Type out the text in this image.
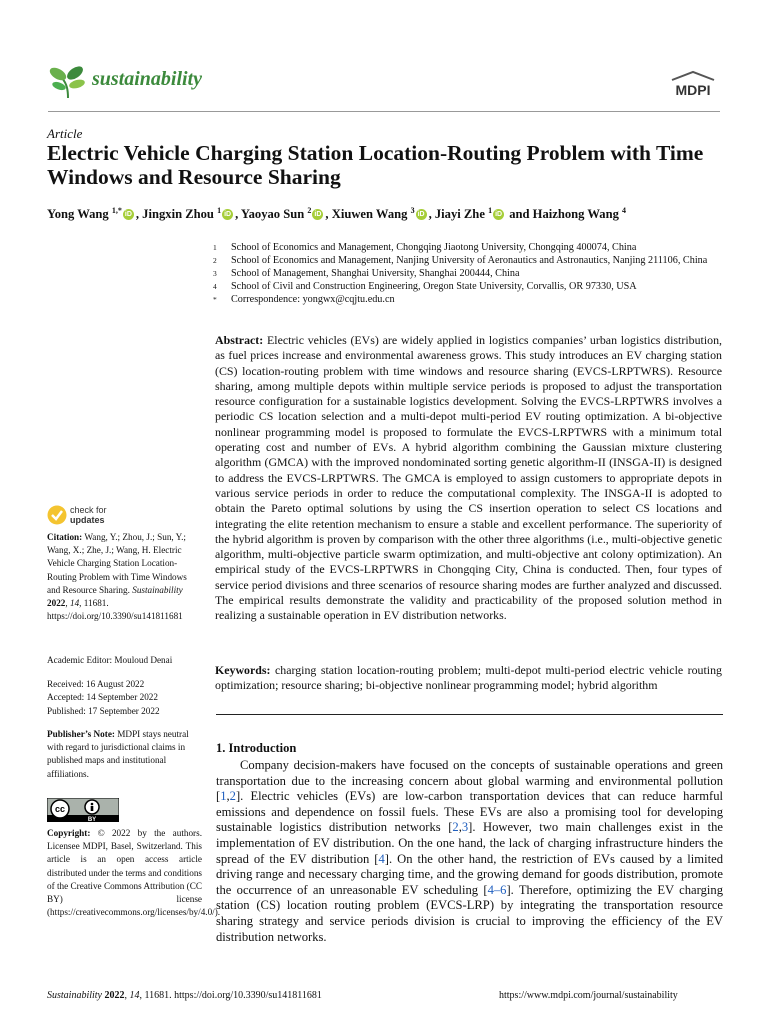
sustainability	MDPI
Article
Electric Vehicle Charging Station Location-Routing Problem with Time Windows and Resource Sharing
Yong Wang $^{1,*}$ iD , Jingxin Zhou $^1$ iD , Yaoyao Sun $^2$ iD , Xiuwen Wang $^3$ iD , Jiayi Zhe $^1$ iD and Haizhong Wang $^4$
1	School of Economics and Management, Chongqing Jiaotong University, Chongqing 400074, China
2	School of Economics and Management, Nanjing University of Aeronautics and Astronautics, Nanjing 211106, China
3	School of Management, Shanghai University, Shanghai 200444, China
4	School of Civil and Construction Engineering, Oregon State University, Corvallis, OR 97330, USA
*	Correspondence: yongwx@cqjtu.edu.cn
check for
updates
Citation: Wang, Y.; Zhou, J.; Sun, Y.; Wang, X.; Zhe, J.; Wang, H. Electric Vehicle Charging Station Location-Routing Problem with Time Windows and Resource Sharing. Sustainability 2022, 14, 11681. https://doi.org/10.3390/su141811681
Academic Editor: Mouloud Denai
Received: 16 August 2022
Accepted: 14 September 2022
Published: 17 September 2022
Publisher’s Note: MDPI stays neutral with regard to jurisdictional claims in published maps and institutional affiliations.
cc
BY
Copyright: © 2022 by the authors. Licensee MDPI, Basel, Switzerland. This article is an open access article distributed under the terms and conditions of the Creative Commons Attribution (CC BY) license (https://creativecommons.org/licenses/by/4.0/).
Abstract: Electric vehicles (EVs) are widely applied in logistics companies’ urban logistics distribution, as fuel prices increase and environmental awareness grows. This study introduces an EV charging station (CS) location-routing problem with time windows and resource sharing (EVCS-LRPTWRS). Resource sharing, among multiple depots within multiple service periods is proposed to adjust the transportation resource configuration for a sustainable logistics development. Solving the EVCS-LRPTWRS involves a periodic CS location selection and a multi-depot multi-period EV routing optimization. A bi-objective nonlinear programming model is proposed to formulate the EVCS-LRPTWRS with a minimum total operating cost and number of EVs. A hybrid algorithm combining the Gaussian mixture clustering algorithm (GMCA) with the improved nondominated sorting genetic algorithm-II (INSGA-II) is designed to address the EVCS-LRPTWRS. The GMCA is employed to assign customers to appropriate depots in various service periods in order to reduce the computational complexity. The INSGA-II is adopted to obtain the Pareto optimal solutions by using the CS insertion operation to select CS locations and integrating the elite retention mechanism to ensure a stable and excellent performance. The superiority of the hybrid algorithm is proven by comparison with the other three algorithms (i.e., multi-objective genetic algorithm, multi-objective particle swarm optimization, and multi-objective ant colony optimization). An empirical study of the EVCS-LRPTWRS in Chongqing City, China is conducted. Then, four types of service period divisions and three scenarios of resource sharing modes are further analyzed and discussed. The empirical results demonstrate the validity and practicability of the proposed solution method in realizing a sustainable operation in EV distribution networks.
Keywords: charging station location-routing problem; multi-depot multi-period electric vehicle routing optimization; resource sharing; bi-objective nonlinear programming model; hybrid algorithm
1. Introduction
Company decision-makers have focused on the concepts of sustainable operations and green transportation due to the increasing concern about global warming and environmental pollution [1,2]. Electric vehicles (EVs) are low-carbon transportation devices that can reduce harmful emissions and dependence on fossil fuels. These EVs are also a promising tool for developing sustainable logistics distribution networks [2,3]. However, two main challenges exist in the implementation of EV distribution. On the one hand, the lack of charging infrastructure hinders the spread of the EV distribution [4]. On the other hand, the restriction of EVs caused by a limited driving range and necessary charging time, and the growing demand for goods distribution, promote the occurrence of an unreasonable EV scheduling [4–6]. Therefore, optimizing the EV charging station (CS) location routing problem (EVCS-LRP) by integrating the transportation resource sharing strategy and service periods division is crucial to improving the efficiency of the EV distribution networks.
Sustainability 2022, 14, 11681. https://doi.org/10.3390/su141811681	https://www.mdpi.com/journal/sustainability
